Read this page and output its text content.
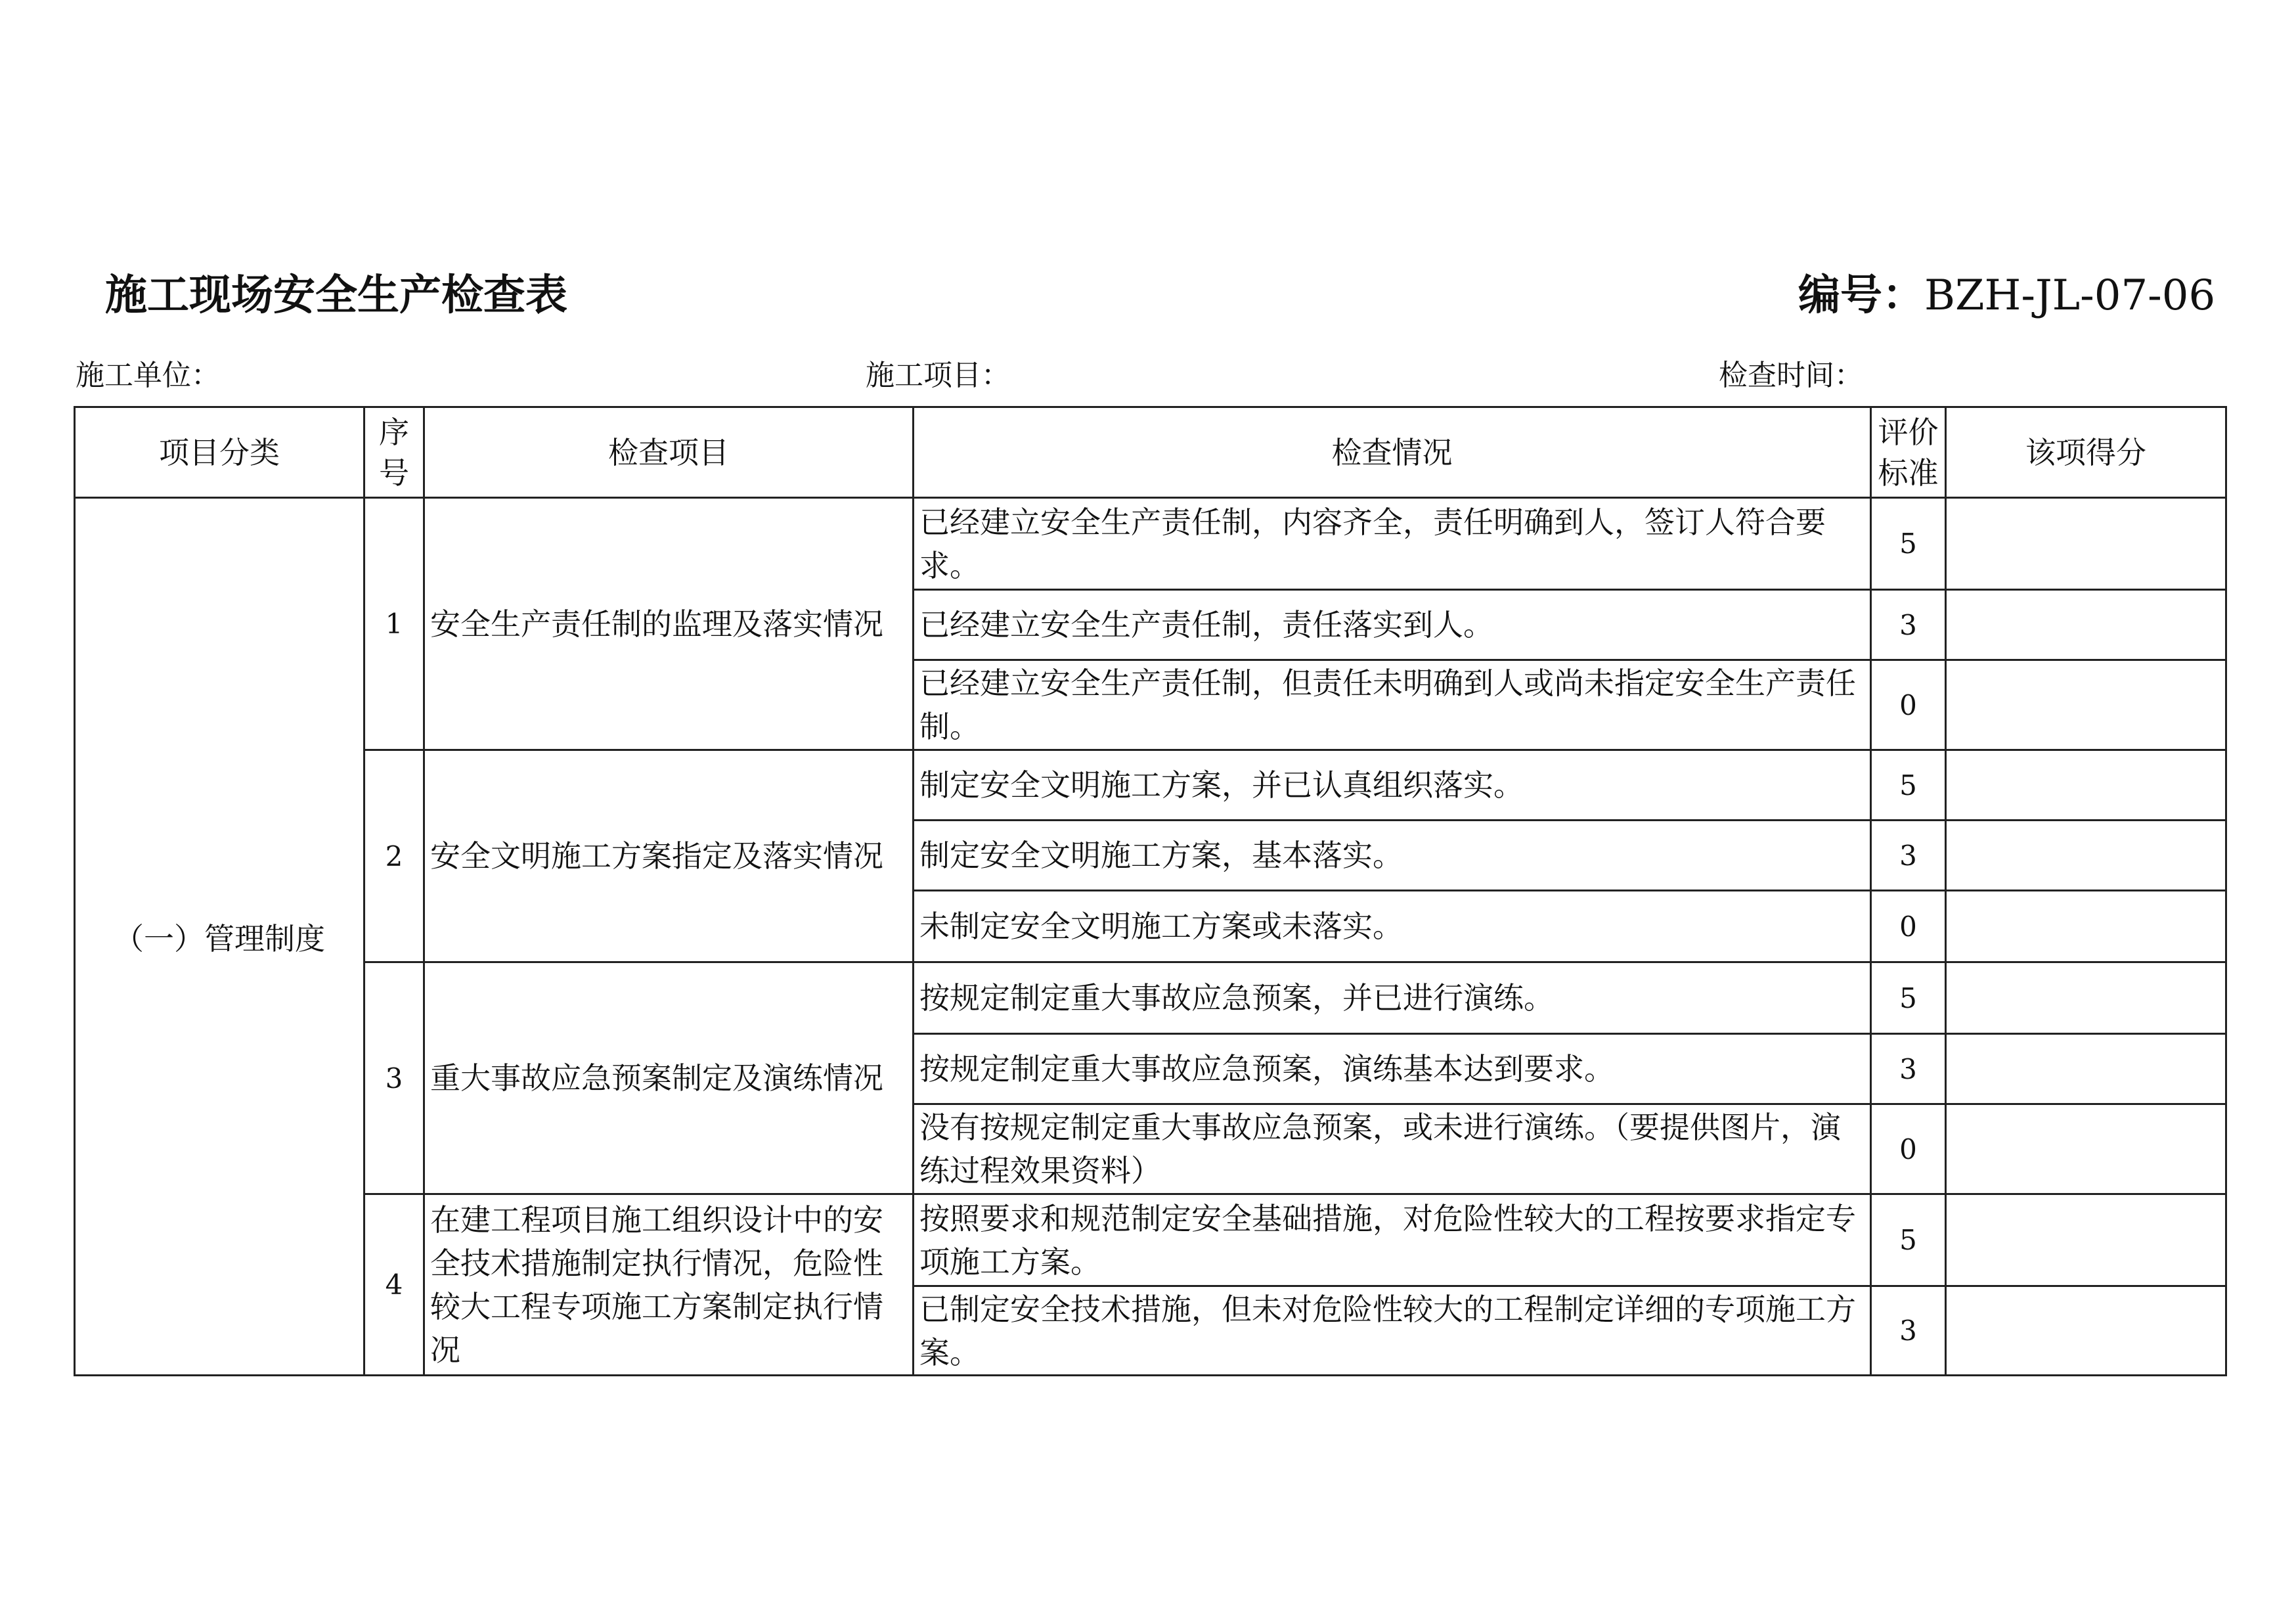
施工现场安全生产检查表	编号：BZH-JL-07-06
施工单位：	施工项目：	检查时间：
项目分类	序号	检查项目	检查情况	评价标准	该项得分
（一）管理制度	1	安全生产责任制的监理及落实情况	已经建立安全生产责任制，内容齐全，责任明确到人，签订人符合要求。	5	
			已经建立安全生产责任制，责任落实到人。	3	
			已经建立安全生产责任制，但责任未明确到人或尚未指定安全生产责任制。	0	
	2	安全文明施工方案指定及落实情况	制定安全文明施工方案，并已认真组织落实。	5	
			制定安全文明施工方案，基本落实。	3	
			未制定安全文明施工方案或未落实。	0	
	3	重大事故应急预案制定及演练情况	按规定制定重大事故应急预案，并已进行演练。	5	
			按规定制定重大事故应急预案，演练基本达到要求。	3	
			没有按规定制定重大事故应急预案，或未进行演练。（要提供图片，演练过程效果资料）	0	
	4	在建工程项目施工组织设计中的安全技术措施制定执行情况，危险性较大工程专项施工方案制定执行情况	按照要求和规范制定安全基础措施，对危险性较大的工程按要求指定专项施工方案。	5	
			已制定安全技术措施，但未对危险性较大的工程制定详细的专项施工方案。	3	
